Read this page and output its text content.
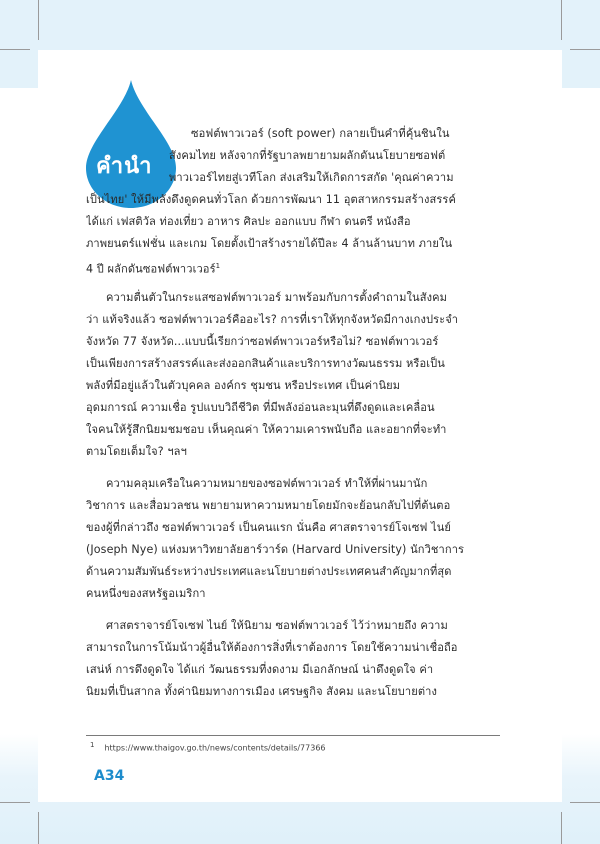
คำนำ
ซอฟต์พาวเวอร์ (soft power) กลายเป็นคำที่คุ้นชินใน
สังคมไทย หลังจากที่รัฐบาลพยายามผลักดันนโยบายซอฟต์
พาวเวอร์ไทยสู่เวทีโลก ส่งเสริมให้เกิดการสกัด 'คุณค่าความ
เป็นไทย' ให้มีพลังดึงดูดคนทั่วโลก ด้วยการพัฒนา 11 อุตสาหกรรมสร้างสรรค์
ได้แก่ เฟสติวัล ท่องเที่ยว อาหาร ศิลปะ ออกแบบ กีฬา ดนตรี หนังสือ
ภาพยนตร์แฟชั่น และเกม โดยตั้งเป้าสร้างรายได้ปีละ 4 ล้านล้านบาท ภายใน
4 ปี ผลักดันซอฟต์พาวเวอร์$^1$
ความตื่นตัวในกระแสซอฟต์พาวเวอร์ มาพร้อมกับการตั้งคำถามในสังคม
ว่า แท้จริงแล้ว ซอฟต์พาวเวอร์คืออะไร? การที่เราให้ทุกจังหวัดมีกางเกงประจำ
จังหวัด 77 จังหวัด...แบบนี้เรียกว่าซอฟต์พาวเวอร์หรือไม่? ซอฟต์พาวเวอร์
เป็นเพียงการสร้างสรรค์และส่งออกสินค้าและบริการทางวัฒนธรรม หรือเป็น
พลังที่มีอยู่แล้วในตัวบุคคล องค์กร ชุมชน หรือประเทศ เป็นค่านิยม
อุดมการณ์ ความเชื่อ รูปแบบวิถีชีวิต ที่มีพลังอ่อนละมุนที่ดึงดูดและเคลื่อน
ใจคนให้รู้สึกนิยมชมชอบ เห็นคุณค่า ให้ความเคารพนับถือ และอยากที่จะทำ
ตามโดยเต็มใจ? ฯลฯ
ความคลุมเครือในความหมายของซอฟต์พาวเวอร์ ทำให้ที่ผ่านมานัก
วิชาการ และสื่อมวลชน พยายามหาความหมายโดยมักจะย้อนกลับไปที่ต้นตอ
ของผู้ที่กล่าวถึง ซอฟต์พาวเวอร์ เป็นคนแรก นั่นคือ ศาสตราจารย์โจเซฟ ไนย์
(Joseph Nye) แห่งมหาวิทยาลัยฮาร์วาร์ด (Harvard University) นักวิชาการ
ด้านความสัมพันธ์ระหว่างประเทศและนโยบายต่างประเทศคนสำคัญมากที่สุด
คนหนึ่งของสหรัฐอเมริกา
ศาสตราจารย์โจเซฟ ไนย์ ให้นิยาม ซอฟต์พาวเวอร์ ไว้ว่าหมายถึง ความ
สามารถในการโน้มน้าวผู้อื่นให้ต้องการสิ่งที่เราต้องการ โดยใช้ความน่าเชื่อถือ
เสน่ห์ การดึงดูดใจ ได้แก่ วัฒนธรรมที่งดงาม มีเอกลักษณ์ น่าดึงดูดใจ ค่า
นิยมที่เป็นสากล ทั้งค่านิยมทางการเมือง เศรษฐกิจ สังคม และนโยบายต่าง
1 https://www.thaigov.go.th/news/contents/details/77366
A34
